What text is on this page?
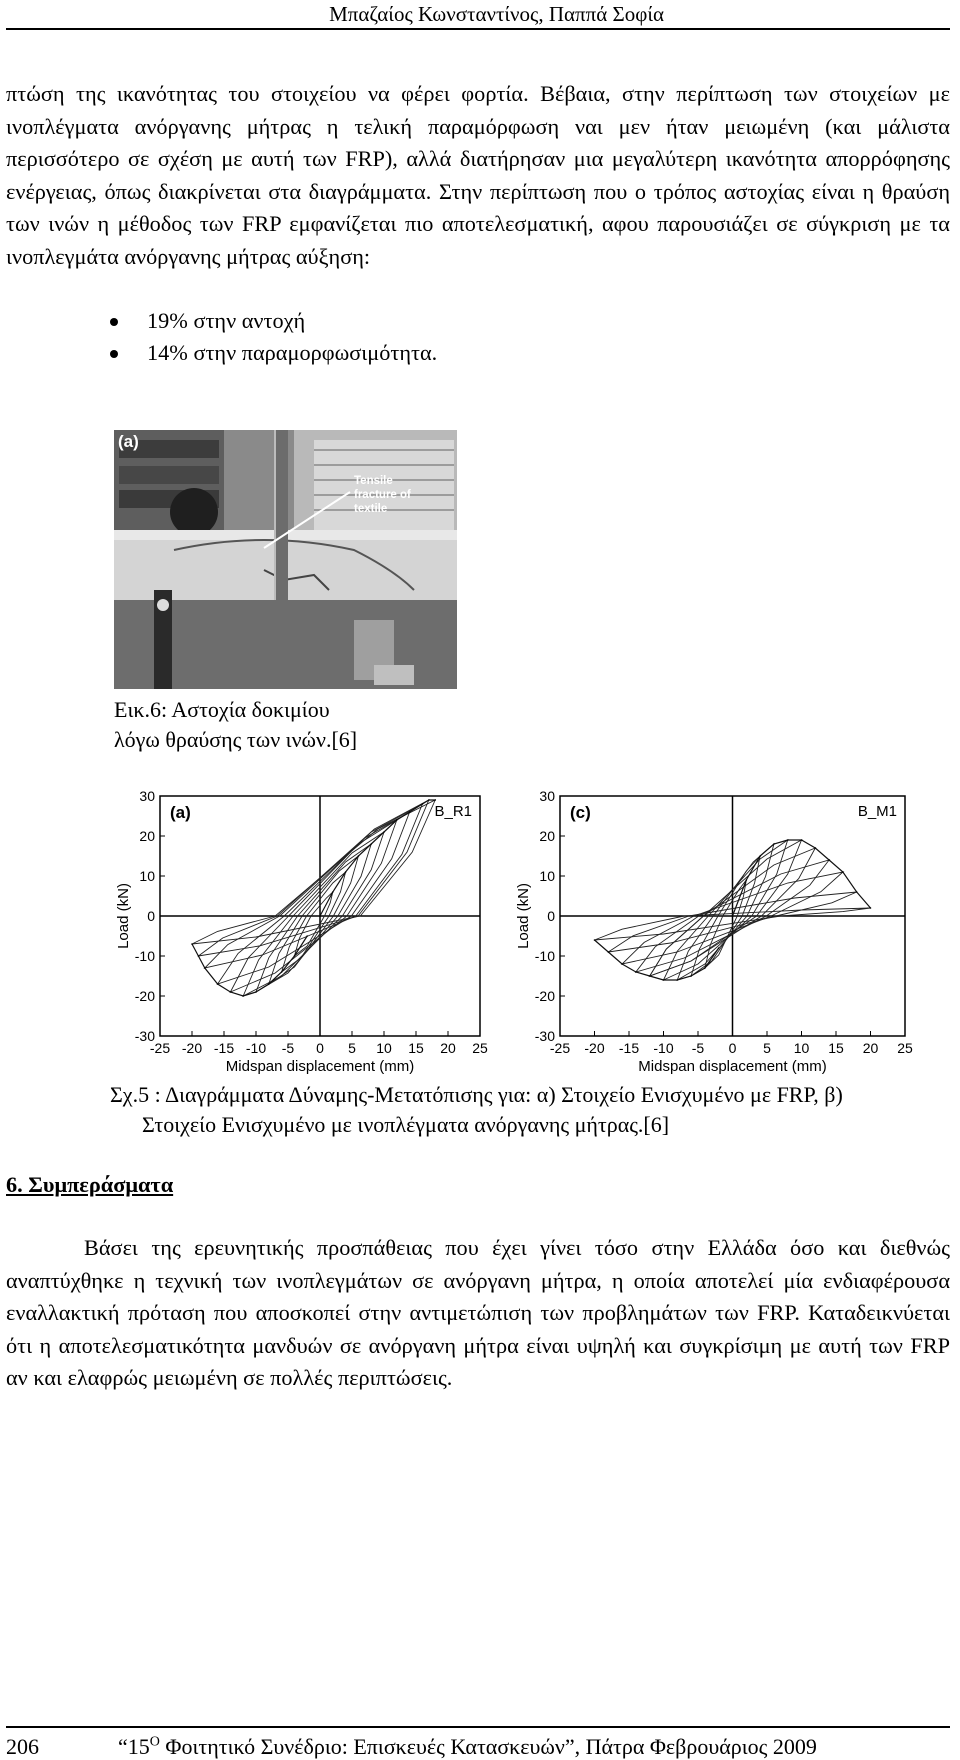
Μπαζαίος Κωνσταντίνος, Παππά Σοφία
πτώση της ικανότητας του στοιχείου να φέρει φορτία. Βέβαια, στην περίπτωση των στοιχείων με ινοπλέγματα ανόργανης μήτρας η τελική παραμόρφωση ναι μεν ήταν μειωμένη (και μάλιστα περισσότερο σε σχέση με αυτή των FRP), αλλά διατήρησαν μια μεγαλύτερη ικανότητα απορρόφησης ενέργειας, όπως διακρίνεται στα διαγράμματα. Στην περίπτωση που ο τρόπος αστοχίας είναι η θραύση των ινών η μέθοδος των FRP εμφανίζεται πιο αποτελεσματική, αφου παρουσιάζει σε σύγκριση με τα ινοπλεγμάτα ανόργανης μήτρας αύξηση:
19% στην αντοχή
14% στην παραμορφωσιμότητα.
(a)
Tensile
fracture of
textile
Εικ.6: Αστοχία δοκιμίου
λόγω θραύσης των ινών.[6]
30
20
10
0
-10
-20
-30
-25 -20 -15 -10 -5 0 5 10 15 20 25
Midspan displacement (mm)
Load (kN)
(a)	B_R1
30
20
10
0
-10
-20
-30
-25 -20 -15 -10 -5 0 5 10 15 20 25
Midspan displacement (mm)
Load (kN)
(c)	B_M1
Σχ.5 : Διαγράμματα Δύναμης-Μετατόπισης για: α) Στοιχείο Ενισχυμένο με FRP, β)
Στοιχείο Ενισχυμένο με ινοπλέγματα ανόργανης μήτρας.[6]
6. Συμπεράσματα
Βάσει της ερευνητικής προσπάθειας που έχει γίνει τόσο στην Ελλάδα όσο και διεθνώς αναπτύχθηκε η τεχνική των ινοπλεγμάτων σε ανόργανη μήτρα, η οποία αποτελεί μία ενδιαφέρουσα εναλλακτική πρόταση που αποσκοπεί στην αντιμετώπιση των προβλημάτων των FRP. Καταδεικνύεται ότι η αποτελεσματικότητα μανδυών σε ανόργανη μήτρα είναι υψηλή και συγκρίσιμη με αυτή των FRP αν και ελαφρώς μειωμένη σε πολλές περιπτώσεις.
206	“$15^O$ Φοιτητικό Συνέδριο: Επισκευές Κατασκευών”, Πάτρα Φεβρουάριος 2009
